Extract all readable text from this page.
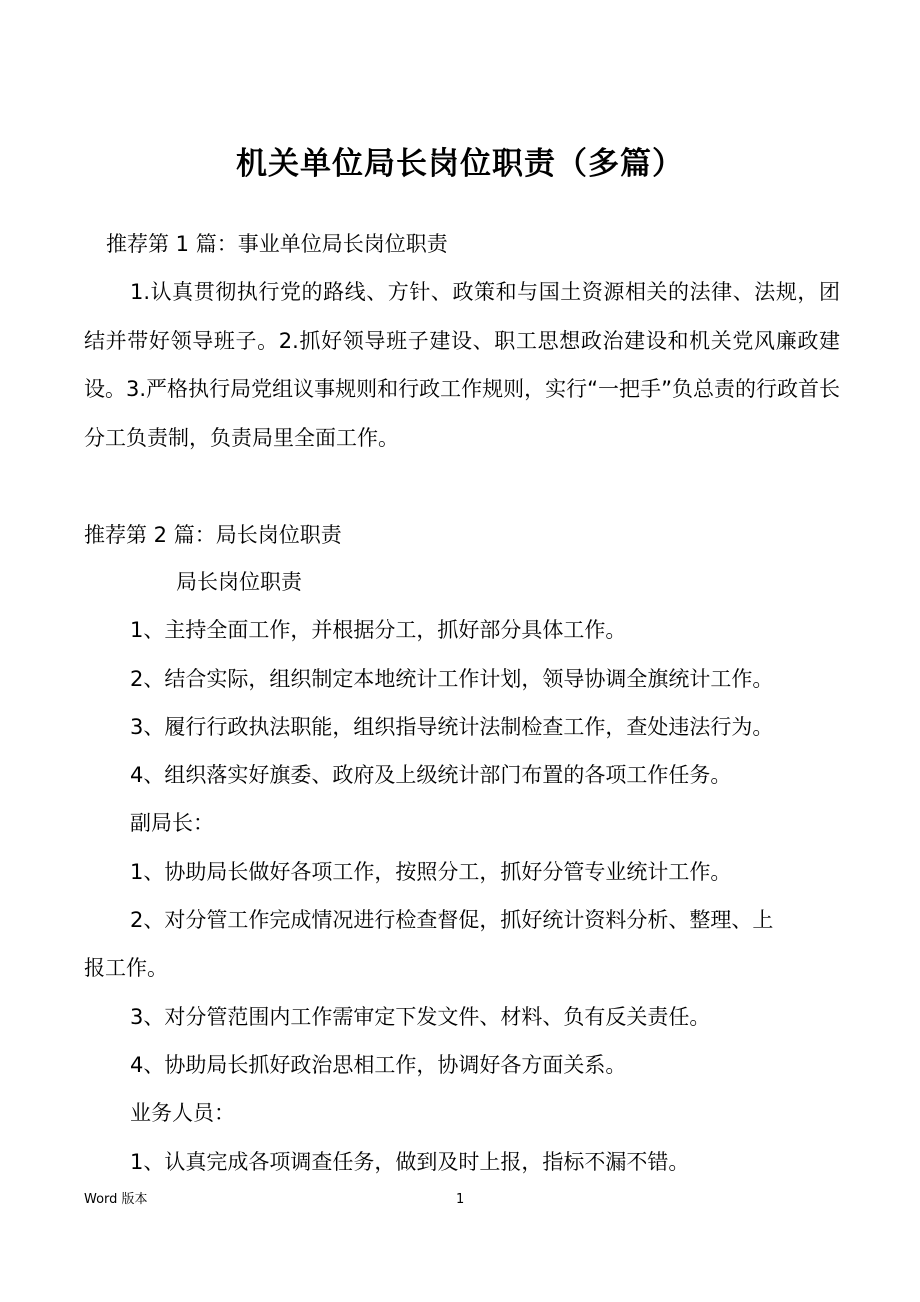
机关单位局长岗位职责（多篇）
推荐第 1 篇：事业单位局长岗位职责
1.认真贯彻执行党的路线、方针、政策和与国土资源相关的法律、法规，团结并带好领导班子。2.抓好领导班子建设、职工思想政治建设和机关党风廉政建设。3.严格执行局党组议事规则和行政工作规则，实行“一把手”负总责的行政首长分工负责制，负责局里全面工作。
推荐第 2 篇：局长岗位职责
局长岗位职责
1、主持全面工作，并根据分工，抓好部分具体工作。
2、结合实际，组织制定本地统计工作计划，领导协调全旗统计工作。
3、履行行政执法职能，组织指导统计法制检查工作，查处违法行为。
4、组织落实好旗委、政府及上级统计部门布置的各项工作任务。
副局长：
1、协助局长做好各项工作，按照分工，抓好分管专业统计工作。
2、对分管工作完成情况进行检查督促，抓好统计资料分析、整理、上
报工作。
3、对分管范围内工作需审定下发文件、材料、负有反关责任。
4、协助局长抓好政治思相工作，协调好各方面关系。
业务人员：
1、认真完成各项调查任务，做到及时上报，指标不漏不错。
Word 版本	1
